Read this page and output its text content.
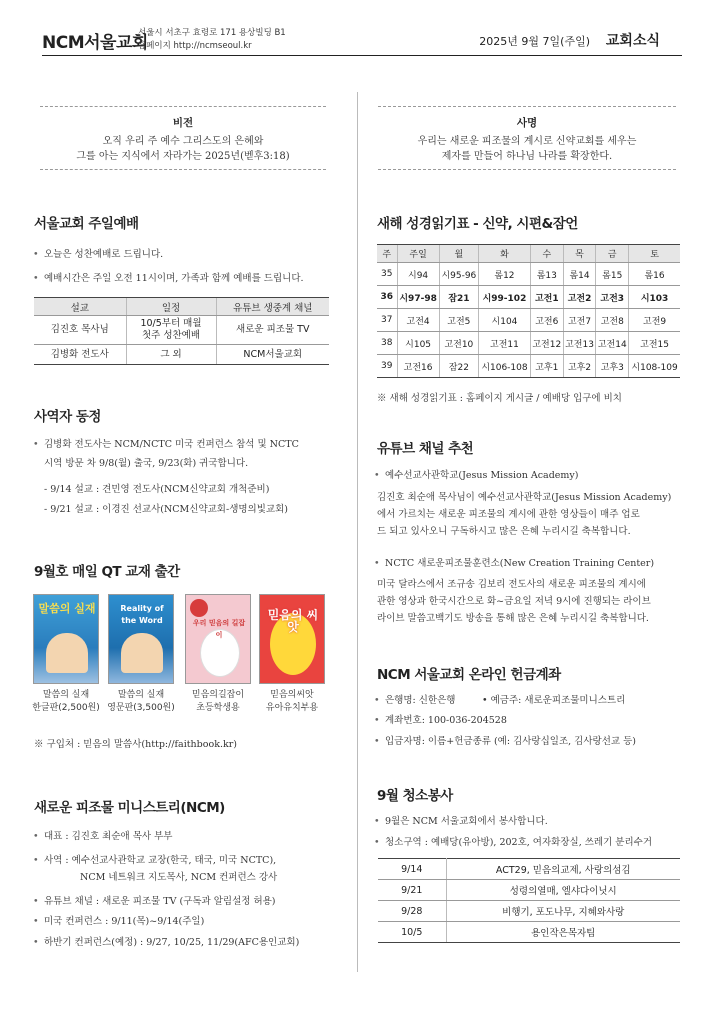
NCM서울교회
서울시 서초구 효령로 171 용상빌딩 B1
홈페이지 http://ncmseoul.kr	2025년 9월 7일(주일) 교회소식
비전
오직 우리 주 예수 그리스도의 은혜와
그를 아는 지식에서 자라가는 2025년(벧후3:18)
사명
우리는 새로운 피조물의 계시로 신약교회를 세우는
제자를 만들어 하나님 나라를 확장한다.
서울교회 주일예배
• 오늘은 성찬예배로 드립니다.
• 예배시간은 주일 오전 11시이며, 가족과 함께 예배를 드립니다.
설교	일정	유튜브 생중계 채널
김진호 목사님	10/5부터 매월
첫주 성찬예배	새로운 피조물 TV
김병화 전도사	그 외	NCM서울교회
사역자 동정
• 김병화 전도사는 NCM/NCTC 미국 컨퍼런스 참석 및 NCTC
시역 방문 차 9/8(월) 출국, 9/23(화) 귀국합니다.
- 9/14 설교 : 견민영 전도사(NCM신약교회 개척준비)
- 9/21 설교 : 이경진 선교사(NCM신약교회-생명의빛교회)
9월호 매일 QT 교재 출간
말씀의 실재	Reality of the Word	우리 믿음의 길잡이
믿음의 씨앗
말씀의 실재
한글판(2,500원)
말씀의 실재
영문판(3,500원)
믿음의길잡이
초등학생용
믿음의씨앗
유아유치부용
※ 구입처 : 믿음의 말씀사(http://faithbook.kr)
새로운 피조물 미니스트리(NCM)
• 대표 : 김진호 최순애 목사 부부
• 사역 : 예수선교사관학교 교장(한국, 태국, 미국 NCTC),
NCM 네트워크 지도목사, NCM 컨퍼런스 강사
• 유튜브 채널 : 새로운 피조물 TV (구독과 알림설정 허용)
• 미국 컨퍼런스 : 9/11(목)~9/14(주일)
• 하반기 컨퍼런스(예정) : 9/27, 10/25, 11/29(AFC용인교회)
새해 성경읽기표 - 신약, 시편&잠언
주	주일	월	화	수	목	금	토
35	시94	시95-96	롬12	롬13	롬14	롬15	롬16
36	시97-98	잠21	시99-102	고전1	고전2	고전3	시103
37	고전4	고전5	시104	고전6	고전7	고전8	고전9
38	시105	고전10	고전11	고전12	고전13	고전14	고전15
39	고전16	잠22	시106-108	고후1	고후2	고후3	시108-109
※ 새해 성경읽기표 : 홈페이지 게시글 / 예배당 입구에 비치
유튜브 채널 추천
• 예수선교사관학교(Jesus Mission Academy)
김진호 최순애 목사님이 예수선교사관학교(Jesus Mission Academy)
에서 가르치는 새로운 피조물의 계시에 관한 영상들이 매주 업로
드 되고 있사오니 구독하시고 많은 은혜 누리시길 축복합니다.
• NCTC 새로운피조물훈련소(New Creation Training Center)
미국 달라스에서 조규송 김보리 전도사의 새로운 피조물의 계시에
관한 영상과 한국시간으로 화~금요일 저녁 9시에 진행되는 라이브
라이브 말씀고백기도 방송을 통해 많은 은혜 누리시길 축복합니다.
NCM 서울교회 온라인 헌금계좌
• 은행명: 신한은행	• 예금주: 새로운피조물미니스트리
• 계좌번호: 100-036-204528
• 입금자명: 이름+헌금종류 (예: 김사랑십일조, 김사랑선교 등)
9월 청소봉사
• 9월은 NCM 서울교회에서 봉사합니다.
• 청소구역 : 예배당(유아방), 202호, 여자화장실, 쓰레기 분리수거
9/14	ACT29, 믿음의교제, 사랑의섬김
9/21	성령의열매, 엘샤다이닛시
9/28	비행기, 포도나무, 지혜와사랑
10/5	용인작은목자팀
